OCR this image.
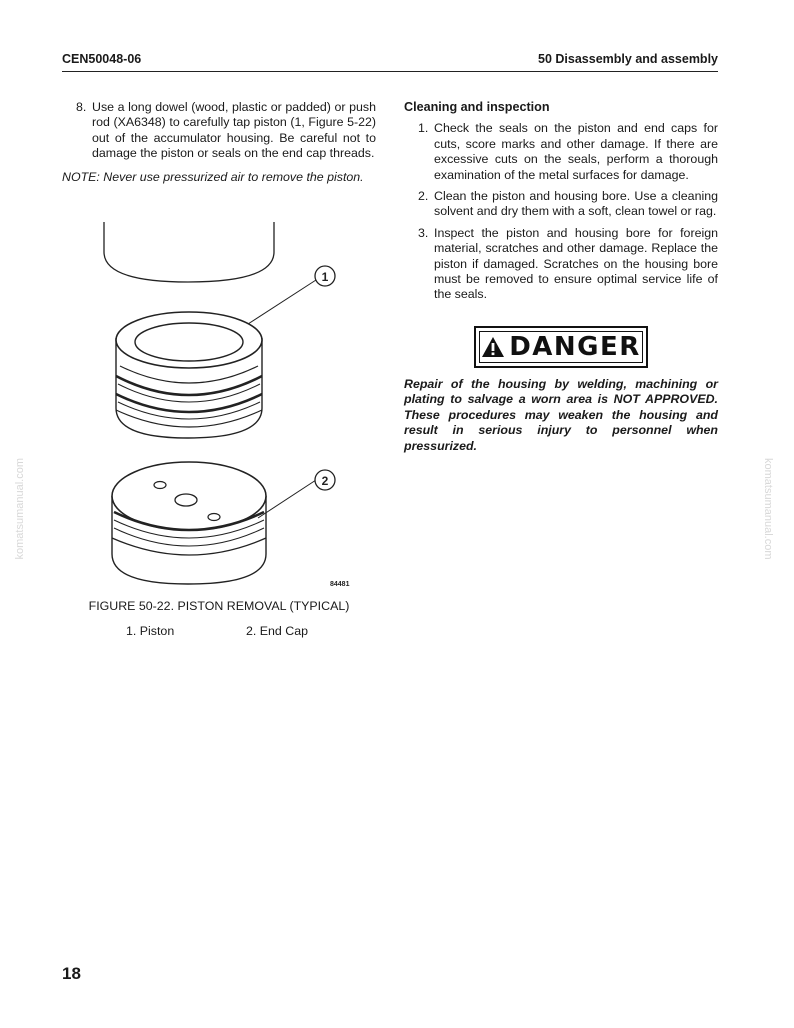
CEN50048-06	50 Disassembly and assembly
8. Use a long dowel (wood, plastic or padded) or push rod (XA6348) to carefully tap piston (1, Figure 5-22) out of the accumulator housing. Be careful not to damage the piston or seals on the end cap threads.
NOTE: Never use pressurized air to remove the piston.
1
2
84481
FIGURE 50-22. PISTON REMOVAL (TYPICAL)
1. Piston	2. End Cap
Cleaning and inspection
1. Check the seals on the piston and end caps for cuts, score marks and other damage. If there are excessive cuts on the seals, perform a thorough examination of the metal surfaces for damage.
2. Clean the piston and housing bore. Use a cleaning solvent and dry them with a soft, clean towel or rag.
3. Inspect the piston and housing bore for foreign material, scratches and other damage. Replace the piston if damaged. Scratches on the housing bore must be removed to ensure optimal service life of the seals.
DANGER
Repair of the housing by welding, machining or plating to salvage a worn area is NOT APPROVED. These procedures may weaken the housing and result in serious injury to personnel when pressurized.
komatsumanual.com	komatsumanual.com
18
